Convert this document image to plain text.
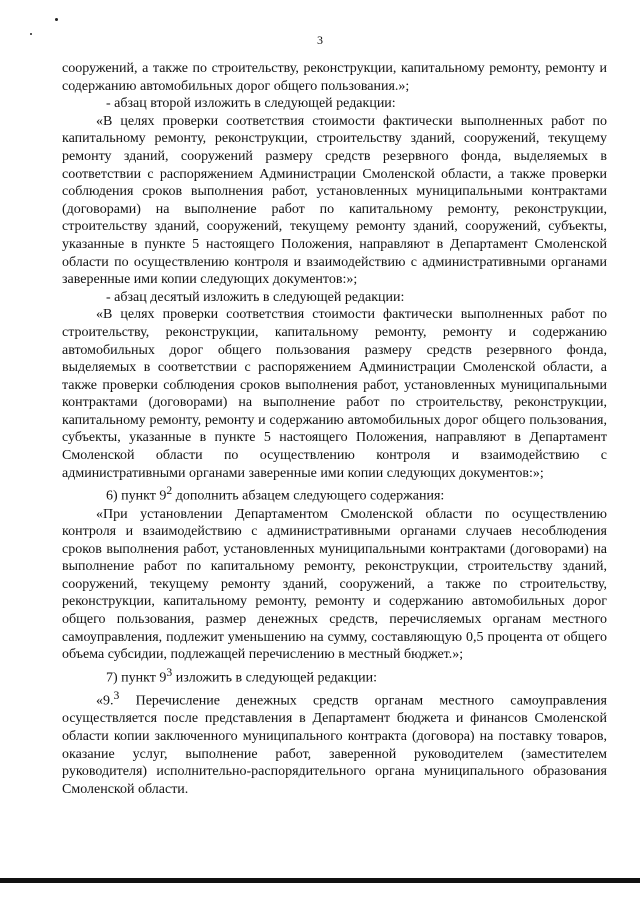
3

сооружений, а также по строительству, реконструкции, капитальному ремонту, ремонту и содержанию автомобильных дорог общего пользования.»;

- абзац второй изложить в следующей редакции:

«В целях проверки соответствия стоимости фактически выполненных работ по капитальному ремонту, реконструкции, строительству зданий, сооружений, текущему ремонту зданий, сооружений размеру средств резервного фонда, выделяемых в соответствии с распоряжением Администрации Смоленской области, а также проверки соблюдения сроков выполнения работ, установленных муниципальными контрактами (договорами) на выполнение работ по капитальному ремонту, реконструкции, строительству зданий, сооружений, текущему ремонту зданий, сооружений, субъекты, указанные в пункте 5 настоящего Положения, направляют в Департамент Смоленской области по осуществлению контроля и взаимодействию с административными органами заверенные ими копии следующих документов:»;

- абзац десятый изложить в следующей редакции:

«В целях проверки соответствия стоимости фактически выполненных работ по строительству, реконструкции, капитальному ремонту, ремонту и содержанию автомобильных дорог общего пользования размеру средств резервного фонда, выделяемых в соответствии с распоряжением Администрации Смоленской области, а также проверки соблюдения сроков выполнения работ, установленных муниципальными контрактами (договорами) на выполнение работ по строительству, реконструкции, капитальному ремонту, ремонту и содержанию автомобильных дорог общего пользования, субъекты, указанные в пункте 5 настоящего Положения, направляют в Департамент Смоленской области по осуществлению контроля и взаимодействию с административными органами заверенные ими копии следующих документов:»;

6) пункт $9^2$ дополнить абзацем следующего содержания:

«При установлении Департаментом Смоленской области по осуществлению контроля и взаимодействию с административными органами случаев несоблюдения сроков выполнения работ, установленных муниципальными контрактами (договорами) на выполнение работ по капитальному ремонту, реконструкции, строительству зданий, сооружений, текущему ремонту зданий, сооружений, а также по строительству, реконструкции, капитальному ремонту, ремонту и содержанию автомобильных дорог общего пользования, размер денежных средств, перечисляемых органам местного самоуправления, подлежит уменьшению на сумму, составляющую 0,5 процента от общего объема субсидии, подлежащей перечислению в местный бюджет.»;

7) пункт $9^3$ изложить в следующей редакции:

«9.$^3$ Перечисление денежных средств органам местного самоуправления осуществляется после представления в Департамент бюджета и финансов Смоленской области копии заключенного муниципального контракта (договора) на поставку товаров, оказание услуг, выполнение работ, заверенной руководителем (заместителем руководителя) исполнительно-распорядительного органа муниципального образования Смоленской области.
